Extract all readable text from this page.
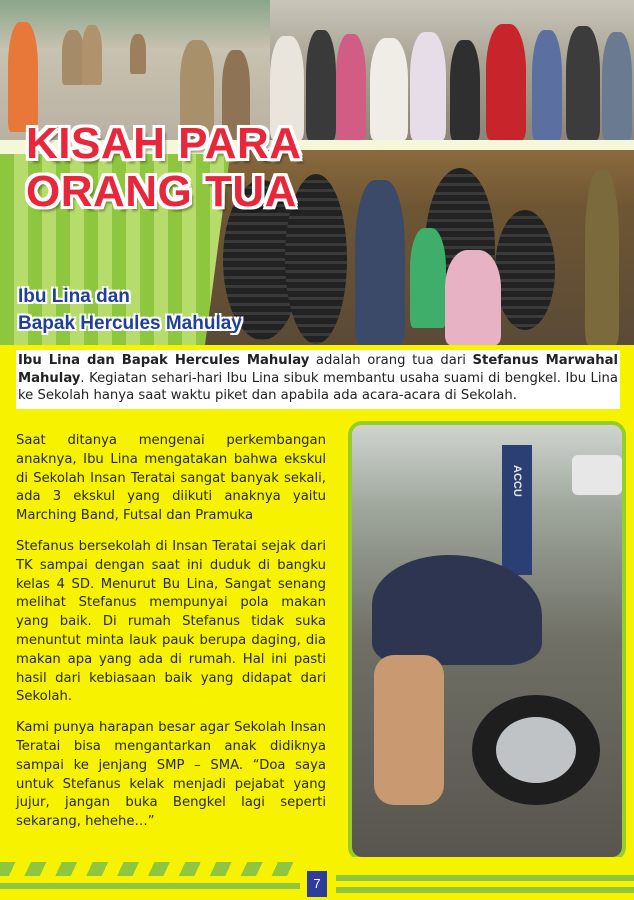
KISAH PARA
ORANG TUA
Ibu Lina dan
Bapak Hercules Mahulay

Ibu Lina dan Bapak Hercules Mahulay adalah orang tua dari Stefanus Marwahal Mahulay. Kegiatan sehari-hari Ibu Lina sibuk membantu usaha suami di bengkel. Ibu Lina ke Sekolah hanya saat waktu piket dan apabila ada acara-acara di Sekolah.

ACCU

Saat ditanya mengenai perkembangan anaknya, Ibu Lina mengatakan bahwa ekskul di Sekolah Insan Teratai sangat banyak sekali, ada 3 ekskul yang diikuti anaknya yaitu Marching Band, Futsal dan Pramuka

Stefanus bersekolah di Insan Teratai sejak dari TK sampai dengan saat ini duduk di bangku kelas 4 SD. Menurut Bu Lina, Sangat senang melihat Stefanus mempunyai pola makan yang baik. Di rumah Stefanus tidak suka menuntut minta lauk pauk berupa daging, dia makan apa yang ada di rumah. Hal ini pasti hasil dari kebiasaan baik yang didapat dari Sekolah.

Kami punya harapan besar agar Sekolah Insan Teratai bisa mengantarkan anak didiknya sampai ke jenjang SMP – SMA. “Doa saya untuk Stefanus kelak menjadi pejabat yang jujur, jangan buka Bengkel lagi seperti sekarang, hehehe…”

7
